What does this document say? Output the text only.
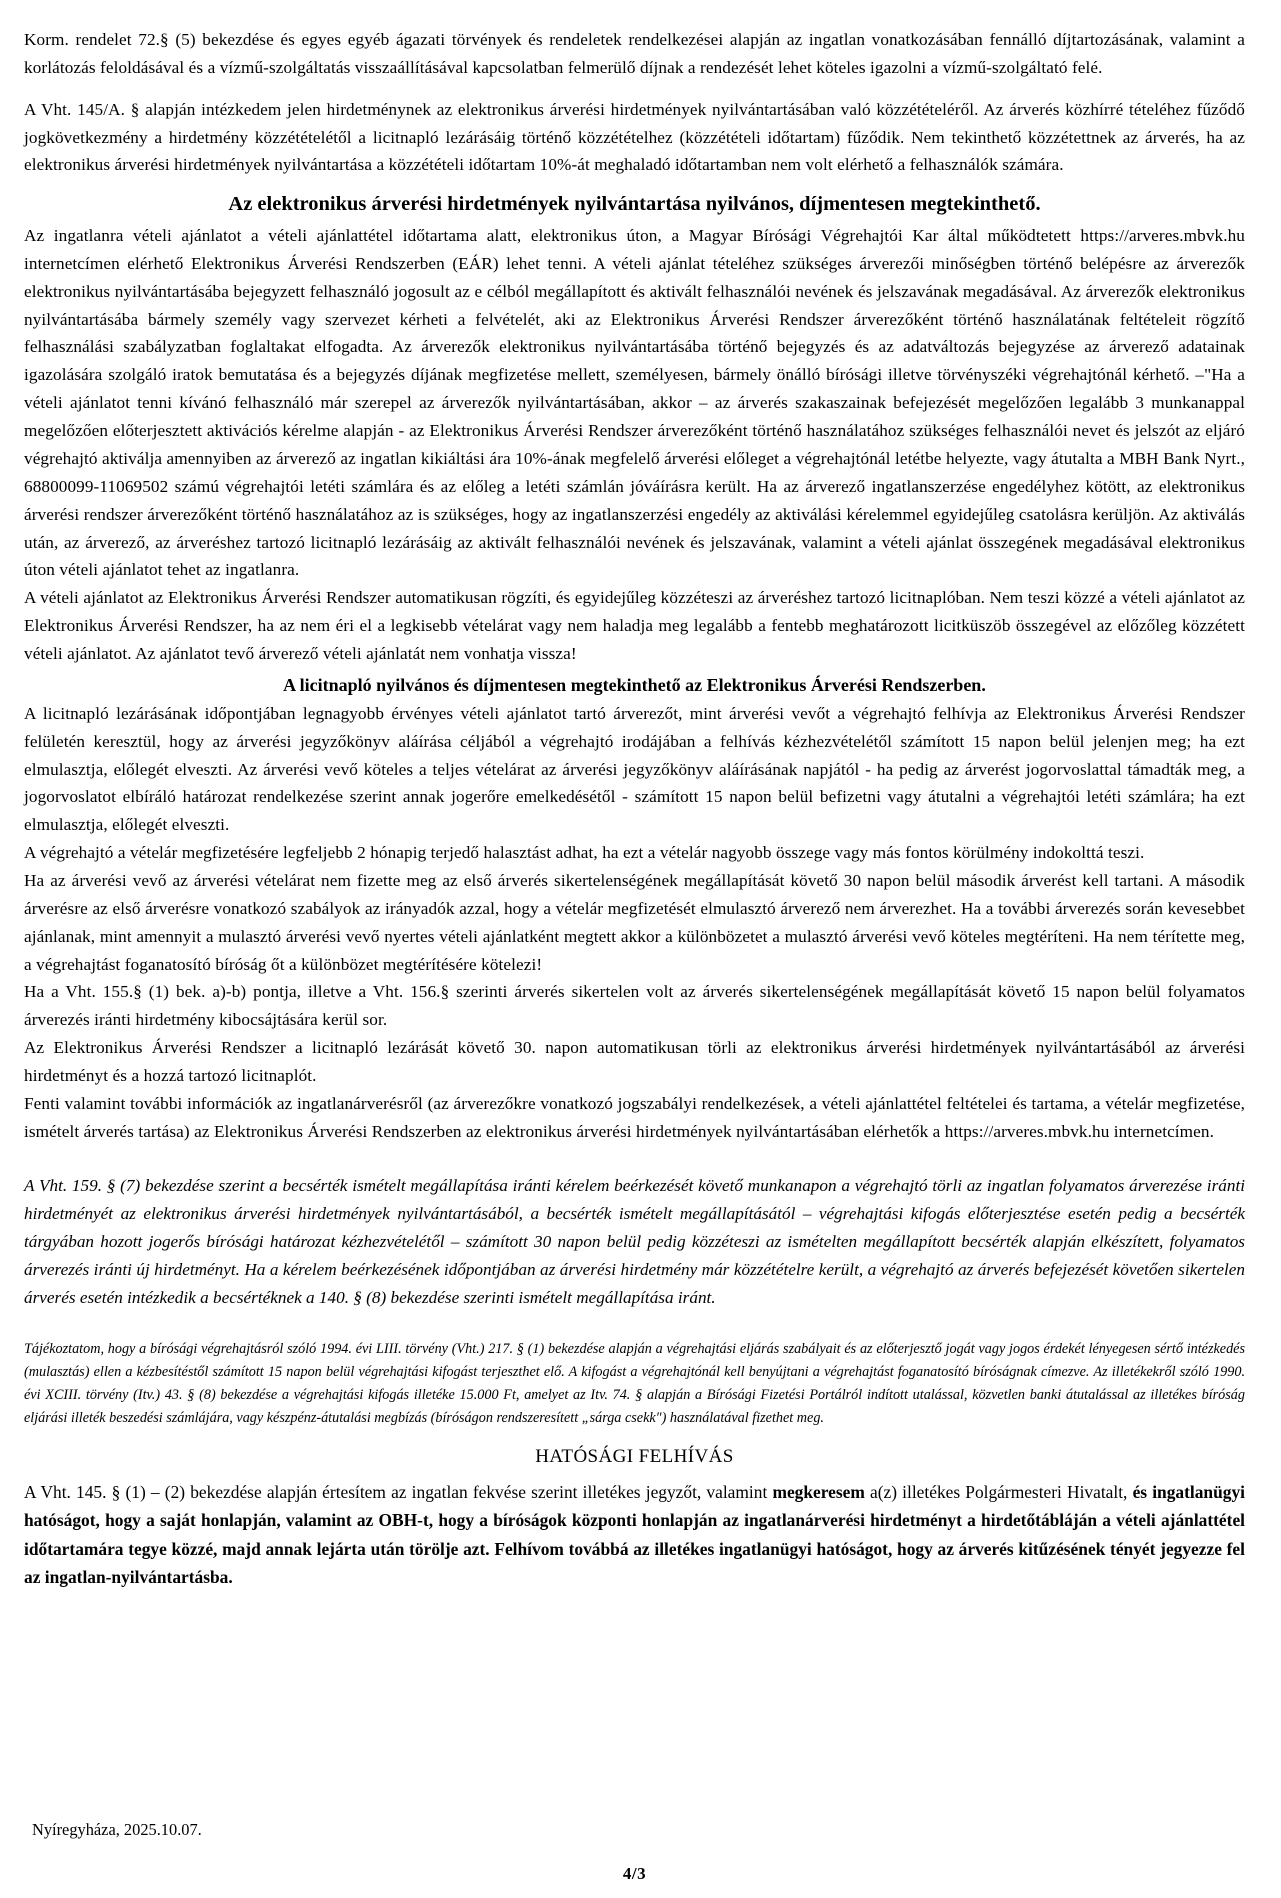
Korm. rendelet 72.§ (5) bekezdése és egyes egyéb ágazati törvények és rendeletek rendelkezései alapján az ingatlan vonatkozásában fennálló díjtartozásának, valamint a korlátozás feloldásával és a vízmű-szolgáltatás visszaállításával kapcsolatban felmerülő díjnak a rendezését lehet köteles igazolni a vízmű-szolgáltató felé.

A Vht. 145/A. § alapján intézkedem jelen hirdetménynek az elektronikus árverési hirdetmények nyilvántartásában való közzétételéről. Az árverés közhírré tételéhez fűződő jogkövetkezmény a hirdetmény közzétételétől a licitnapló lezárásáig történő közzétételhez (közzétételi időtartam) fűződik. Nem tekinthető közzétettnek az árverés, ha az elektronikus árverési hirdetmények nyilvántartása a közzétételi időtartam 10%-át meghaladó időtartamban nem volt elérhető a felhasználók számára.

Az elektronikus árverési hirdetmények nyilvántartása nyilvános, díjmentesen megtekinthető.

Az ingatlanra vételi ajánlatot a vételi ajánlattétel időtartama alatt, elektronikus úton, a Magyar Bírósági Végrehajtói Kar által működtetett https://arveres.mbvk.hu internetcímen elérhető Elektronikus Árverési Rendszerben (EÁR) lehet tenni. A vételi ajánlat tételéhez szükséges árverezői minőségben történő belépésre az árverezők elektronikus nyilvántartásába bejegyzett felhasználó jogosult az e célból megállapított és aktivált felhasználói nevének és jelszavának megadásával. Az árverezők elektronikus nyilvántartásába bármely személy vagy szervezet kérheti a felvételét, aki az Elektronikus Árverési Rendszer árverezőként történő használatának feltételeit rögzítő felhasználási szabályzatban foglaltakat elfogadta. Az árverezők elektronikus nyilvántartásába történő bejegyzés és az adatváltozás bejegyzése az árverező adatainak igazolására szolgáló iratok bemutatása és a bejegyzés díjának megfizetése mellett, személyesen, bármely önálló bírósági illetve törvényszéki végrehajtónál kérhető. –"Ha a vételi ajánlatot tenni kívánó felhasználó már szerepel az árverezők nyilvántartásában, akkor – az árverés szakaszainak befejezését megelőzően legalább 3 munkanappal megelőzően előterjesztett aktivációs kérelme alapján - az Elektronikus Árverési Rendszer árverezőként történő használatához szükséges felhasználói nevet és jelszót az eljáró végrehajtó aktiválja amennyiben az árverező az ingatlan kikiáltási ára 10%-ának megfelelő árverési előleget a végrehajtónál letétbe helyezte, vagy átutalta a MBH Bank Nyrt., 68800099-11069502 számú végrehajtói letéti számlára és az előleg a letéti számlán jóváírásra került. Ha az árverező ingatlanszerzése engedélyhez kötött, az elektronikus árverési rendszer árverezőként történő használatához az is szükséges, hogy az ingatlanszerzési engedély az aktiválási kérelemmel egyidejűleg csatolásra kerüljön. Az aktiválás után, az árverező, az árveréshez tartozó licitnapló lezárásáig az aktivált felhasználói nevének és jelszavának, valamint a vételi ajánlat összegének megadásával elektronikus úton vételi ajánlatot tehet az ingatlanra.

A vételi ajánlatot az Elektronikus Árverési Rendszer automatikusan rögzíti, és egyidejűleg közzéteszi az árveréshez tartozó licitnaplóban. Nem teszi közzé a vételi ajánlatot az Elektronikus Árverési Rendszer, ha az nem éri el a legkisebb vételárat vagy nem haladja meg legalább a fentebb meghatározott licitküszöb összegével az előzőleg közzétett vételi ajánlatot. Az ajánlatot tevő árverező vételi ajánlatát nem vonhatja vissza!

A licitnapló nyilvános és díjmentesen megtekinthető az Elektronikus Árverési Rendszerben.

A licitnapló lezárásának időpontjában legnagyobb érvényes vételi ajánlatot tartó árverezőt, mint árverési vevőt a végrehajtó felhívja az Elektronikus Árverési Rendszer felületén keresztül, hogy az árverési jegyzőkönyv aláírása céljából a végrehajtó irodájában a felhívás kézhezvételétől számított 15 napon belül jelenjen meg; ha ezt elmulasztja, előlegét elveszti. Az árverési vevő köteles a teljes vételárat az árverési jegyzőkönyv aláírásának napjától - ha pedig az árverést jogorvoslattal támadták meg, a jogorvoslatot elbíráló határozat rendelkezése szerint annak jogerőre emelkedésétől - számított 15 napon belül befizetni vagy átutalni a végrehajtói letéti számlára; ha ezt elmulasztja, előlegét elveszti.

A végrehajtó a vételár megfizetésére legfeljebb 2 hónapig terjedő halasztást adhat, ha ezt a vételár nagyobb összege vagy más fontos körülmény indokolttá teszi.

Ha az árverési vevő az árverési vételárat nem fizette meg az első árverés sikertelenségének megállapítását követő 30 napon belül második árverést kell tartani. A második árverésre az első árverésre vonatkozó szabályok az irányadók azzal, hogy a vételár megfizetését elmulasztó árverező nem árverezhet. Ha a további árverezés során kevesebbet ajánlanak, mint amennyit a mulasztó árverési vevő nyertes vételi ajánlatként megtett akkor a különbözetet a mulasztó árverési vevő köteles megtéríteni. Ha nem térítette meg, a végrehajtást foganatosító bíróság őt a különbözet megtérítésére kötelezi!

Ha a Vht. 155.§ (1) bek. a)-b) pontja, illetve a Vht. 156.§ szerinti árverés sikertelen volt az árverés sikertelenségének megállapítását követő 15 napon belül folyamatos árverezés iránti hirdetmény kibocsájtására kerül sor.

Az Elektronikus Árverési Rendszer a licitnapló lezárását követő 30. napon automatikusan törli az elektronikus árverési hirdetmények nyilvántartásából az árverési hirdetményt és a hozzá tartozó licitnaplót.

Fenti valamint további információk az ingatlanárverésről (az árverezőkre vonatkozó jogszabályi rendelkezések, a vételi ajánlattétel feltételei és tartama, a vételár megfizetése, ismételt árverés tartása) az Elektronikus Árverési Rendszerben az elektronikus árverési hirdetmények nyilvántartásában elérhetők a https://arveres.mbvk.hu internetcímen.

A Vht. 159. § (7) bekezdése szerint a becsérték ismételt megállapítása iránti kérelem beérkezését követő munkanapon a végrehajtó törli az ingatlan folyamatos árverezése iránti hirdetményét az elektronikus árverési hirdetmények nyilvántartásából, a becsérték ismételt megállapításától – végrehajtási kifogás előterjesztése esetén pedig a becsérték tárgyában hozott jogerős bírósági határozat kézhezvételétől – számított 30 napon belül pedig közzéteszi az ismételten megállapított becsérték alapján elkészített, folyamatos árverezés iránti új hirdetményt. Ha a kérelem beérkezésének időpontjában az árverési hirdetmény már közzétételre került, a végrehajtó az árverés befejezését követően sikertelen árverés esetén intézkedik a becsértéknek a 140. § (8) bekezdése szerinti ismételt megállapítása iránt.

Tájékoztatom, hogy a bírósági végrehajtásról szóló 1994. évi LIII. törvény (Vht.) 217. § (1) bekezdése alapján a végrehajtási eljárás szabályait és az előterjesztő jogát vagy jogos érdekét lényegesen sértő intézkedés (mulasztás) ellen a kézbesítéstől számított 15 napon belül végrehajtási kifogást terjeszthet elő. A kifogást a végrehajtónál kell benyújtani a végrehajtást foganatosító bíróságnak címezve. Az illetékekről szóló 1990. évi XCIII. törvény (Itv.) 43. § (8) bekezdése a végrehajtási kifogás illetéke 15.000 Ft, amelyet az Itv. 74. § alapján a Bírósági Fizetési Portálról indított utalással, közvetlen banki átutalással az illetékes bíróság eljárási illeték beszedési számlájára, vagy készpénz-átutalási megbízás (bíróságon rendszeresített „sárga csekk") használatával fizethet meg.

HATÓSÁGI FELHÍVÁS

A Vht. 145. § (1) – (2) bekezdése alapján értesítem az ingatlan fekvése szerint illetékes jegyzőt, valamint megkeresem a(z) illetékes Polgármesteri Hivatalt, és ingatlanügyi hatóságot, hogy a saját honlapján, valamint az OBH-t, hogy a bíróságok központi honlapján az ingatlanárverési hirdetményt a hirdetőtábláján a vételi ajánlattétel időtartamára tegye közzé, majd annak lejárta után törölje azt. Felhívom továbbá az illetékes ingatlanügyi hatóságot, hogy az árverés kitűzésének tényét jegyezze fel az ingatlan-nyilvántartásba.

Nyíregyháza, 2025.10.07.

4/3
